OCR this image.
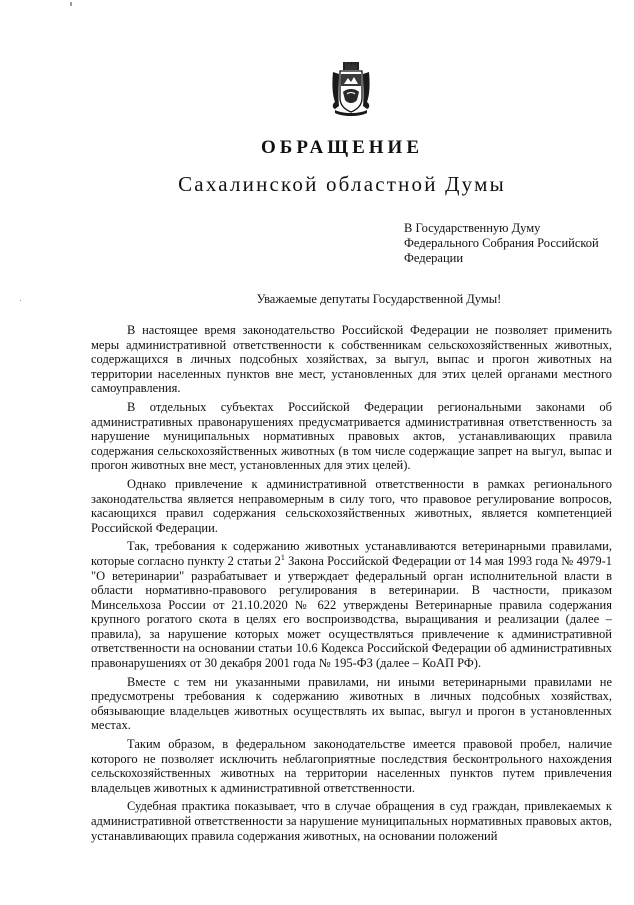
ОБРАЩЕНИЕ
Сахалинской областной Думы
В Государственную Думу
Федерального Собрания Российской
Федерации
Уважаемые депутаты Государственной Думы!

В настоящее время законодательство Российской Федерации не позволяет применить меры административной ответственности к собственникам сельскохозяйственных животных, содержащихся в личных подсобных хозяйствах, за выгул, выпас и прогон животных на территории населенных пунктов вне мест, установленных для этих целей органами местного самоуправления.

В отдельных субъектах Российской Федерации региональными законами об административных правонарушениях предусматривается административная ответственность за нарушение муниципальных нормативных правовых актов, устанавливающих правила содержания сельскохозяйственных животных (в том числе содержащие запрет на выгул, выпас и прогон животных вне мест, установленных для этих целей).

Однако привлечение к административной ответственности в рамках регионального законодательства является неправомерным в силу того, что правовое регулирование вопросов, касающихся правил содержания сельскохозяйственных животных, является компетенцией Российской Федерации.

Так, требования к содержанию животных устанавливаются ветеринарными правилами, которые согласно пункту 2 статьи $2^1$ Закона Российской Федерации от 14 мая 1993 года № 4979-1 "О ветеринарии" разрабатывает и утверждает федеральный орган исполнительной власти в области нормативно-правового регулирования в ветеринарии. В частности, приказом Минсельхоза России от 21.10.2020 № 622 утверждены Ветеринарные правила содержания крупного рогатого скота в целях его воспроизводства, выращивания и реализации (далее – правила), за нарушение которых может осуществляться привлечение к административной ответственности на основании статьи 10.6 Кодекса Российской Федерации об административных правонарушениях от 30 декабря 2001 года № 195-ФЗ (далее – КоАП РФ).

Вместе с тем ни указанными правилами, ни иными ветеринарными правилами не предусмотрены требования к содержанию животных в личных подсобных хозяйствах, обязывающие владельцев животных осуществлять их выпас, выгул и прогон в установленных местах.

Таким образом, в федеральном законодательстве имеется правовой пробел, наличие которого не позволяет исключить неблагоприятные последствия бесконтрольного нахождения сельскохозяйственных животных на территории населенных пунктов путем привлечения владельцев животных к административной ответственности.

Судебная практика показывает, что в случае обращения в суд граждан, привлекаемых к административной ответственности за нарушение муниципальных нормативных правовых актов, устанавливающих правила содержания животных, на основании положений
